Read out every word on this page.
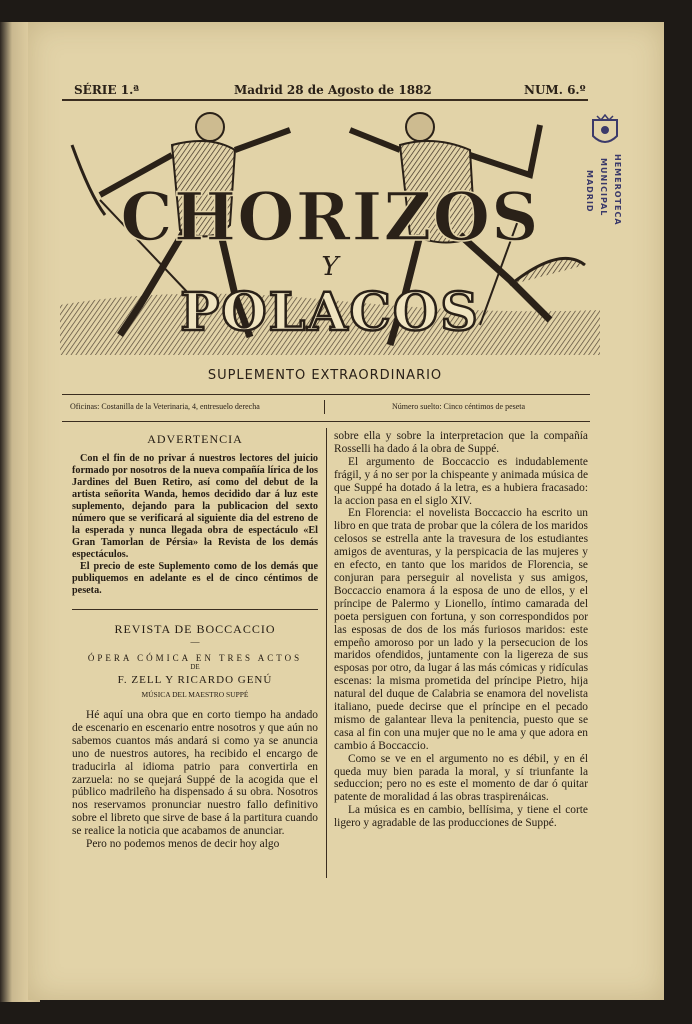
SÉRIE 1.ª	Madrid 28 de Agosto de 1882	NUM. 6.º
CHORIZOS
Y
POLACOS
HEMEROTECA
MUNICIPAL
MADRID
SUPLEMENTO EXTRAORDINARIO
Oficinas: Costanilla de la Veterinaria, 4, entresuelo derecha	Número suelto: Cinco céntimos de peseta
ADVERTENCIA

Con el fin de no privar á nuestros lectores del juicio formado por nosotros de la nueva compañía lírica de los Jardines del Buen Retiro, así como del debut de la artista señorita Wanda, hemos decidido dar á luz este suplemento, dejando para la publicacion del sexto número que se verificará al siguiente dia del estreno de la esperada y nunca llegada obra de espectáculo «El Gran Tamorlan de Pérsia» la Revista de los demás espectáculos.

El precio de este Suplemento como de los demás que publiquemos en adelante es el de cinco céntimos de peseta.

REVISTA DE BOCCACCIO
—
ÓPERA CÓMICA EN TRES ACTOS
DE
F. ZELL Y RICARDO GENÚ
MÚSICA DEL MAESTRO SUPPÉ

Hé aquí una obra que en corto tiempo ha andado de escenario en escenario entre nosotros y que aún no sabemos cuantos más andará si como ya se anuncia uno de nuestros autores, ha recibido el encargo de traducirla al idioma patrio para convertirla en zarzuela: no se quejará Suppé de la acogida que el público madrileño ha dispensado á su obra. Nosotros nos reservamos pronunciar nuestro fallo definitivo sobre el libreto que sirve de base á la partitura cuando se realice la noticia que acabamos de anunciar.

Pero no podemos menos de decir hoy algo

sobre ella y sobre la interpretacion que la compañía Rosselli ha dado á la obra de Suppé.

El argumento de Boccaccio es indudablemente frágil, y á no ser por la chispeante y animada música de que Suppé ha dotado á la letra, es a hubiera fracasado: la accion pasa en el siglo XIV.

En Florencia: el novelista Boccaccio ha escrito un libro en que trata de probar que la cólera de los maridos celosos se estrella ante la travesura de los estudiantes amigos de aventuras, y la perspicacia de las mujeres y en efecto, en tanto que los maridos de Florencia, se conjuran para perseguir al novelista y sus amigos, Boccaccio enamora á la esposa de uno de ellos, y el príncipe de Palermo y Lionello, íntimo camarada del poeta persiguen con fortuna, y son correspondidos por las esposas de dos de los más furiosos maridos: este empeño amoroso por un lado y la persecucion de los maridos ofendidos, juntamente con la ligereza de sus esposas por otro, da lugar á las más cómicas y ridículas escenas: la misma prometida del príncipe Pietro, hija natural del duque de Calabria se enamora del novelista italiano, puede decirse que el príncipe en el pecado mismo de galantear lleva la penitencia, puesto que se casa al fin con una mujer que no le ama y que adora en cambio á Boccaccio.

Como se ve en el argumento no es débil, y en él queda muy bien parada la moral, y sí triunfante la seduccion; pero no es este el momento de dar ó quitar patente de moralidad á las obras traspirenáicas.

La música es en cambio, bellísima, y tiene el corte ligero y agradable de las producciones de Suppé.
